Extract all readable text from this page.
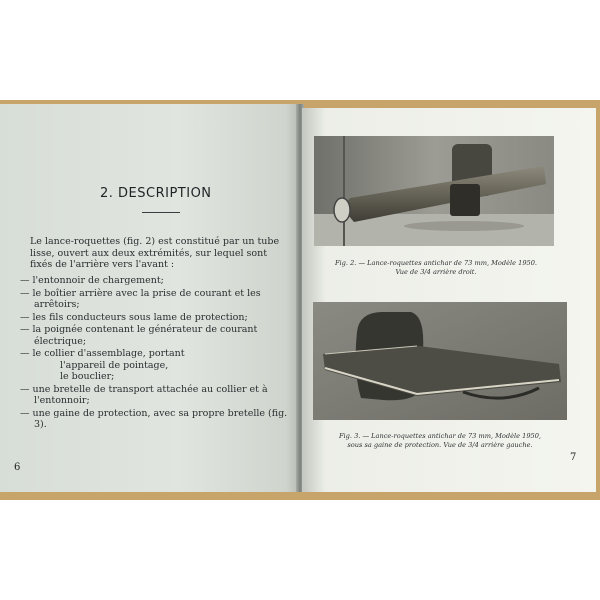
2. DESCRIPTION

Le lance-roquettes (fig. 2) est constitué par un tube lisse, ouvert aux deux extrémités, sur lequel sont fixés de l'arrière vers l'avant :

— l'entonnoir de chargement;
— le boîtier arrière avec la prise de courant et les arrêtoirs;
— les fils conducteurs sous lame de protection;
— la poignée contenant le générateur de courant électrique;
— le collier d'assemblage, portant
l'appareil de pointage,
le bouclier;
— une bretelle de transport attachée au collier et à l'entonnoir;
— une gaine de protection, avec sa propre bretelle (fig. 3).
6

Fig. 2. — Lance-roquettes antichar de 73 mm, Modèle 1950.
Vue de 3/4 arrière droit.

Fig. 3. — Lance-roquettes antichar de 73 mm, Modèle 1950,
sous sa gaine de protection. Vue de 3/4 arrière gauche.

7
